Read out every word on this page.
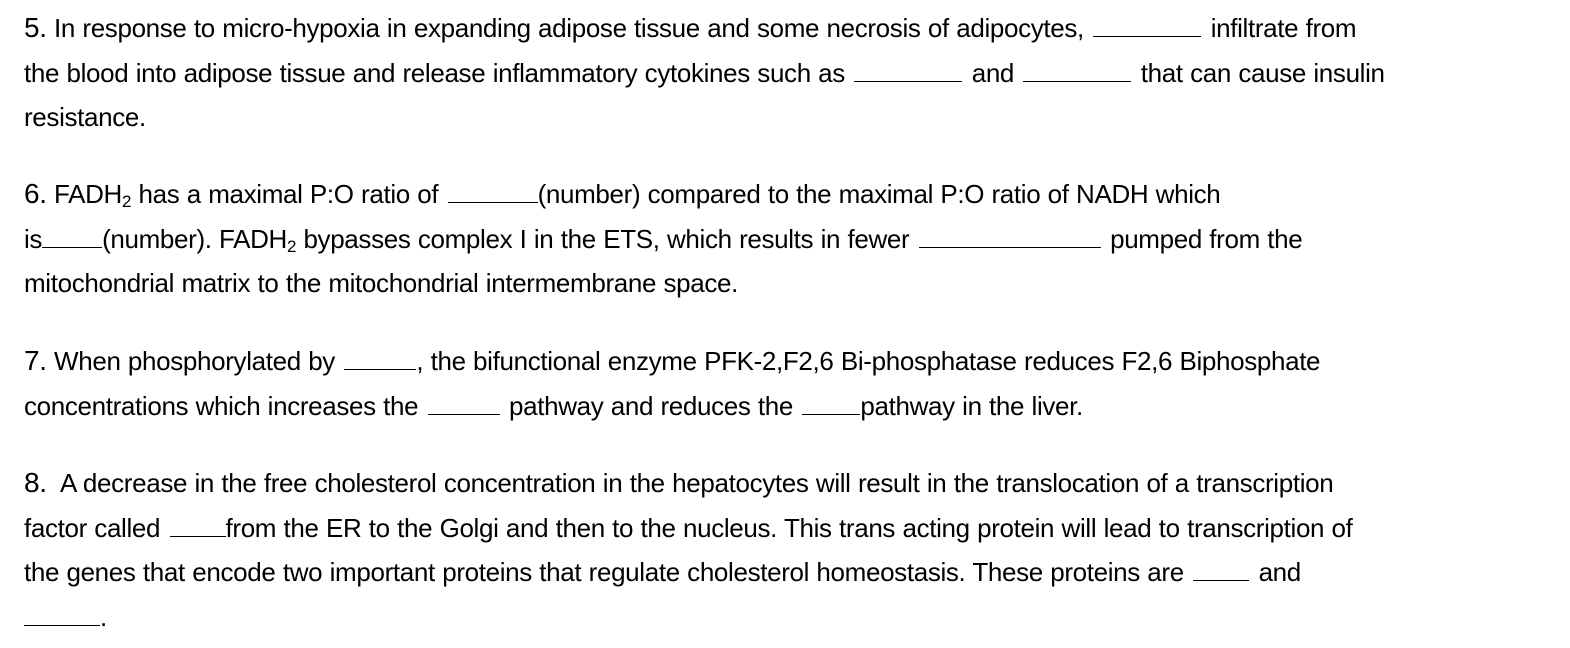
5. In response to micro-hypoxia in expanding adipose tissue and some necrosis of adipocytes,	infiltrate from
the blood into adipose tissue and release inflammatory cytokines such as	and	that can cause insulin
resistance.
6. $FADH_2$ has a maximal P:O ratio of	(number) compared to the maximal P:O ratio of NADH which
is (number). $FADH_2$ bypasses complex I in the ETS, which results in fewer	pumped from the
mitochondrial matrix to the mitochondrial intermembrane space.
7. When phosphorylated by	, the bifunctional enzyme PFK-2,F2,6 Bi-phosphatase reduces F2,6 Biphosphate
concentrations which increases the	pathway and reduces the	pathway in the liver.
8. A decrease in the free cholesterol concentration in the hepatocytes will result in the translocation of a transcription
factor called	from the ER to the Golgi and then to the nucleus. This trans acting protein will lead to transcription of
the genes that encode two important proteins that regulate cholesterol homeostasis. These proteins are	and
.
